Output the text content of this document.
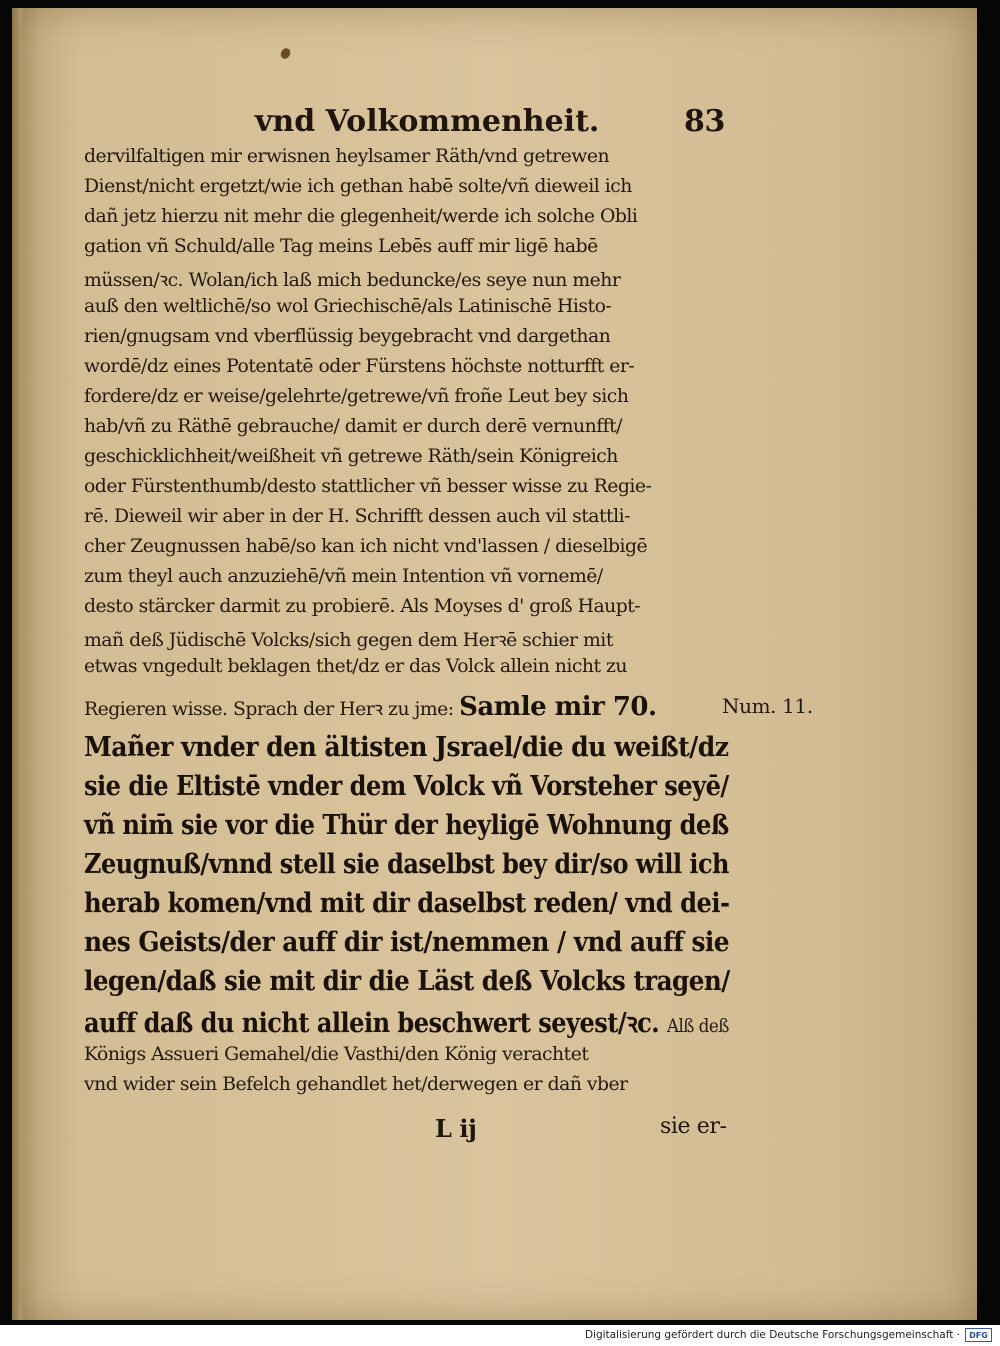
vnd Volkommenheit.	83
dervilfaltigen mir erwisnen heylsamer Räth/vnd getrewen
Dienst/nicht ergetzt/wie ich gethan habē solte/vñ dieweil ich
dañ jetz hierzu nit mehr die glegenheit/werde ich solche Obli
gation vñ Schuld/alle Tag meins Lebēs auff mir ligē habē
müssen/ꝛc. Wolan/ich laß mich beduncke/es seye nun mehr
auß den weltlichē/so wol Griechischē/als Latinischē Histo-
rien/gnugsam vnd vberflüssig beygebracht vnd dargethan
wordē/dz eines Potentatē oder Fürstens höchste notturfft er-
fordere/dz er weise/gelehrte/getrewe/vñ froñe Leut bey sich
hab/vñ zu Räthē gebrauche/ damit er durch derē vernunfft/
geschicklichheit/weißheit vñ getrewe Räth/sein Königreich
oder Fürstenthumb/desto stattlicher vñ besser wisse zu Regie-
rē. Dieweil wir aber in der H. Schrifft dessen auch vil stattli-
cher Zeugnussen habē/so kan ich nicht vnd'lassen / dieselbigē
zum theyl auch anzuziehē/vñ mein Intention vñ vornemē/
desto stärcker darmit zu probierē. Als Moyses d' groß Haupt-
mañ deß Jüdischē Volcks/sich gegen dem Herꝛē schier mit
etwas vngedult beklagen thet/dz er das Volck allein nicht zu
Regieren wisse. Sprach der Herꝛ zu jme: Samle mir 70.
Mañer vnder den ältisten Jsrael/die du weißt/dz
sie die Eltistē vnder dem Volck vñ Vorsteher seyē/
vñ nim̄ sie vor die Thür der heyligē Wohnung deß
Zeugnuß/vnnd stell sie daselbst bey dir/so will ich
herab komen/vnd mit dir daselbst reden/ vnd dei-
nes Geists/der auff dir ist/nemmen / vnd auff sie
legen/daß sie mit dir die Läst deß Volcks tragen/
auff daß du nicht allein beschwert seyest/ꝛc. Alß deß
Königs Assueri Gemahel/die Vasthi/den König verachtet
vnd wider sein Befelch gehandlet het/derwegen er dañ vber
Num. 11.
L ij	sie er-
Digitalisierung gefördert durch die Deutsche Forschungsgemeinschaft ·	DFG
